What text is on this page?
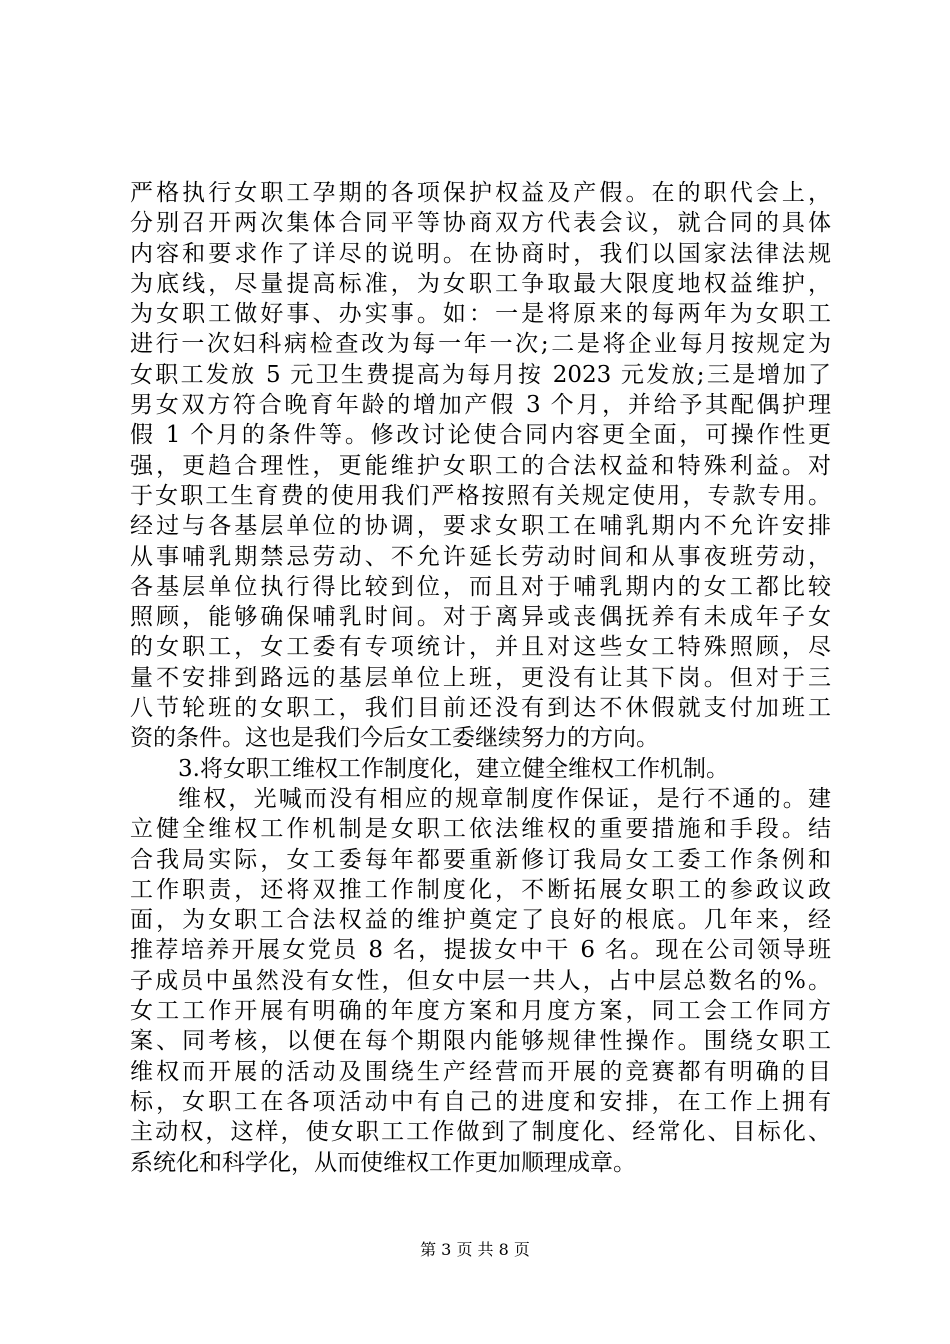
严格执行女职工孕期的各项保护权益及产假。在的职代会上，
分别召开两次集体合同平等协商双方代表会议，就合同的具体
内容和要求作了详尽的说明。在协商时，我们以国家法律法规
为底线，尽量提高标准，为女职工争取最大限度地权益维护，
为女职工做好事、办实事。如：一是将原来的每两年为女职工
进行一次妇科病检查改为每一年一次;二是将企业每月按规定为
女职工发放 5 元卫生费提高为每月按 2023 元发放;三是增加了
男女双方符合晚育年龄的增加产假 3 个月，并给予其配偶护理
假 1 个月的条件等。修改讨论使合同内容更全面，可操作性更
强，更趋合理性，更能维护女职工的合法权益和特殊利益。对
于女职工生育费的使用我们严格按照有关规定使用，专款专用。
经过与各基层单位的协调，要求女职工在哺乳期内不允许安排
从事哺乳期禁忌劳动、不允许延长劳动时间和从事夜班劳动，
各基层单位执行得比较到位，而且对于哺乳期内的女工都比较
照顾，能够确保哺乳时间。对于离异或丧偶抚养有未成年子女
的女职工，女工委有专项统计，并且对这些女工特殊照顾，尽
量不安排到路远的基层单位上班，更没有让其下岗。但对于三
八节轮班的女职工，我们目前还没有到达不休假就支付加班工
资的条件。这也是我们今后女工委继续努力的方向。
3.将女职工维权工作制度化，建立健全维权工作机制。
维权，光喊而没有相应的规章制度作保证，是行不通的。建
立健全维权工作机制是女职工依法维权的重要措施和手段。结
合我局实际，女工委每年都要重新修订我局女工委工作条例和
工作职责，还将双推工作制度化，不断拓展女职工的参政议政
面，为女职工合法权益的维护奠定了良好的根底。几年来，经
推荐培养开展女党员 8 名，提拔女中干 6 名。现在公司领导班
子成员中虽然没有女性，但女中层一共人，占中层总数名的%。
女工工作开展有明确的年度方案和月度方案，同工会工作同方
案、同考核，以便在每个期限内能够规律性操作。围绕女职工
维权而开展的活动及围绕生产经营而开展的竞赛都有明确的目
标，女职工在各项活动中有自己的进度和安排，在工作上拥有
主动权，这样，使女职工工作做到了制度化、经常化、目标化、
系统化和科学化，从而使维权工作更加顺理成章。
第 3 页 共 8 页
